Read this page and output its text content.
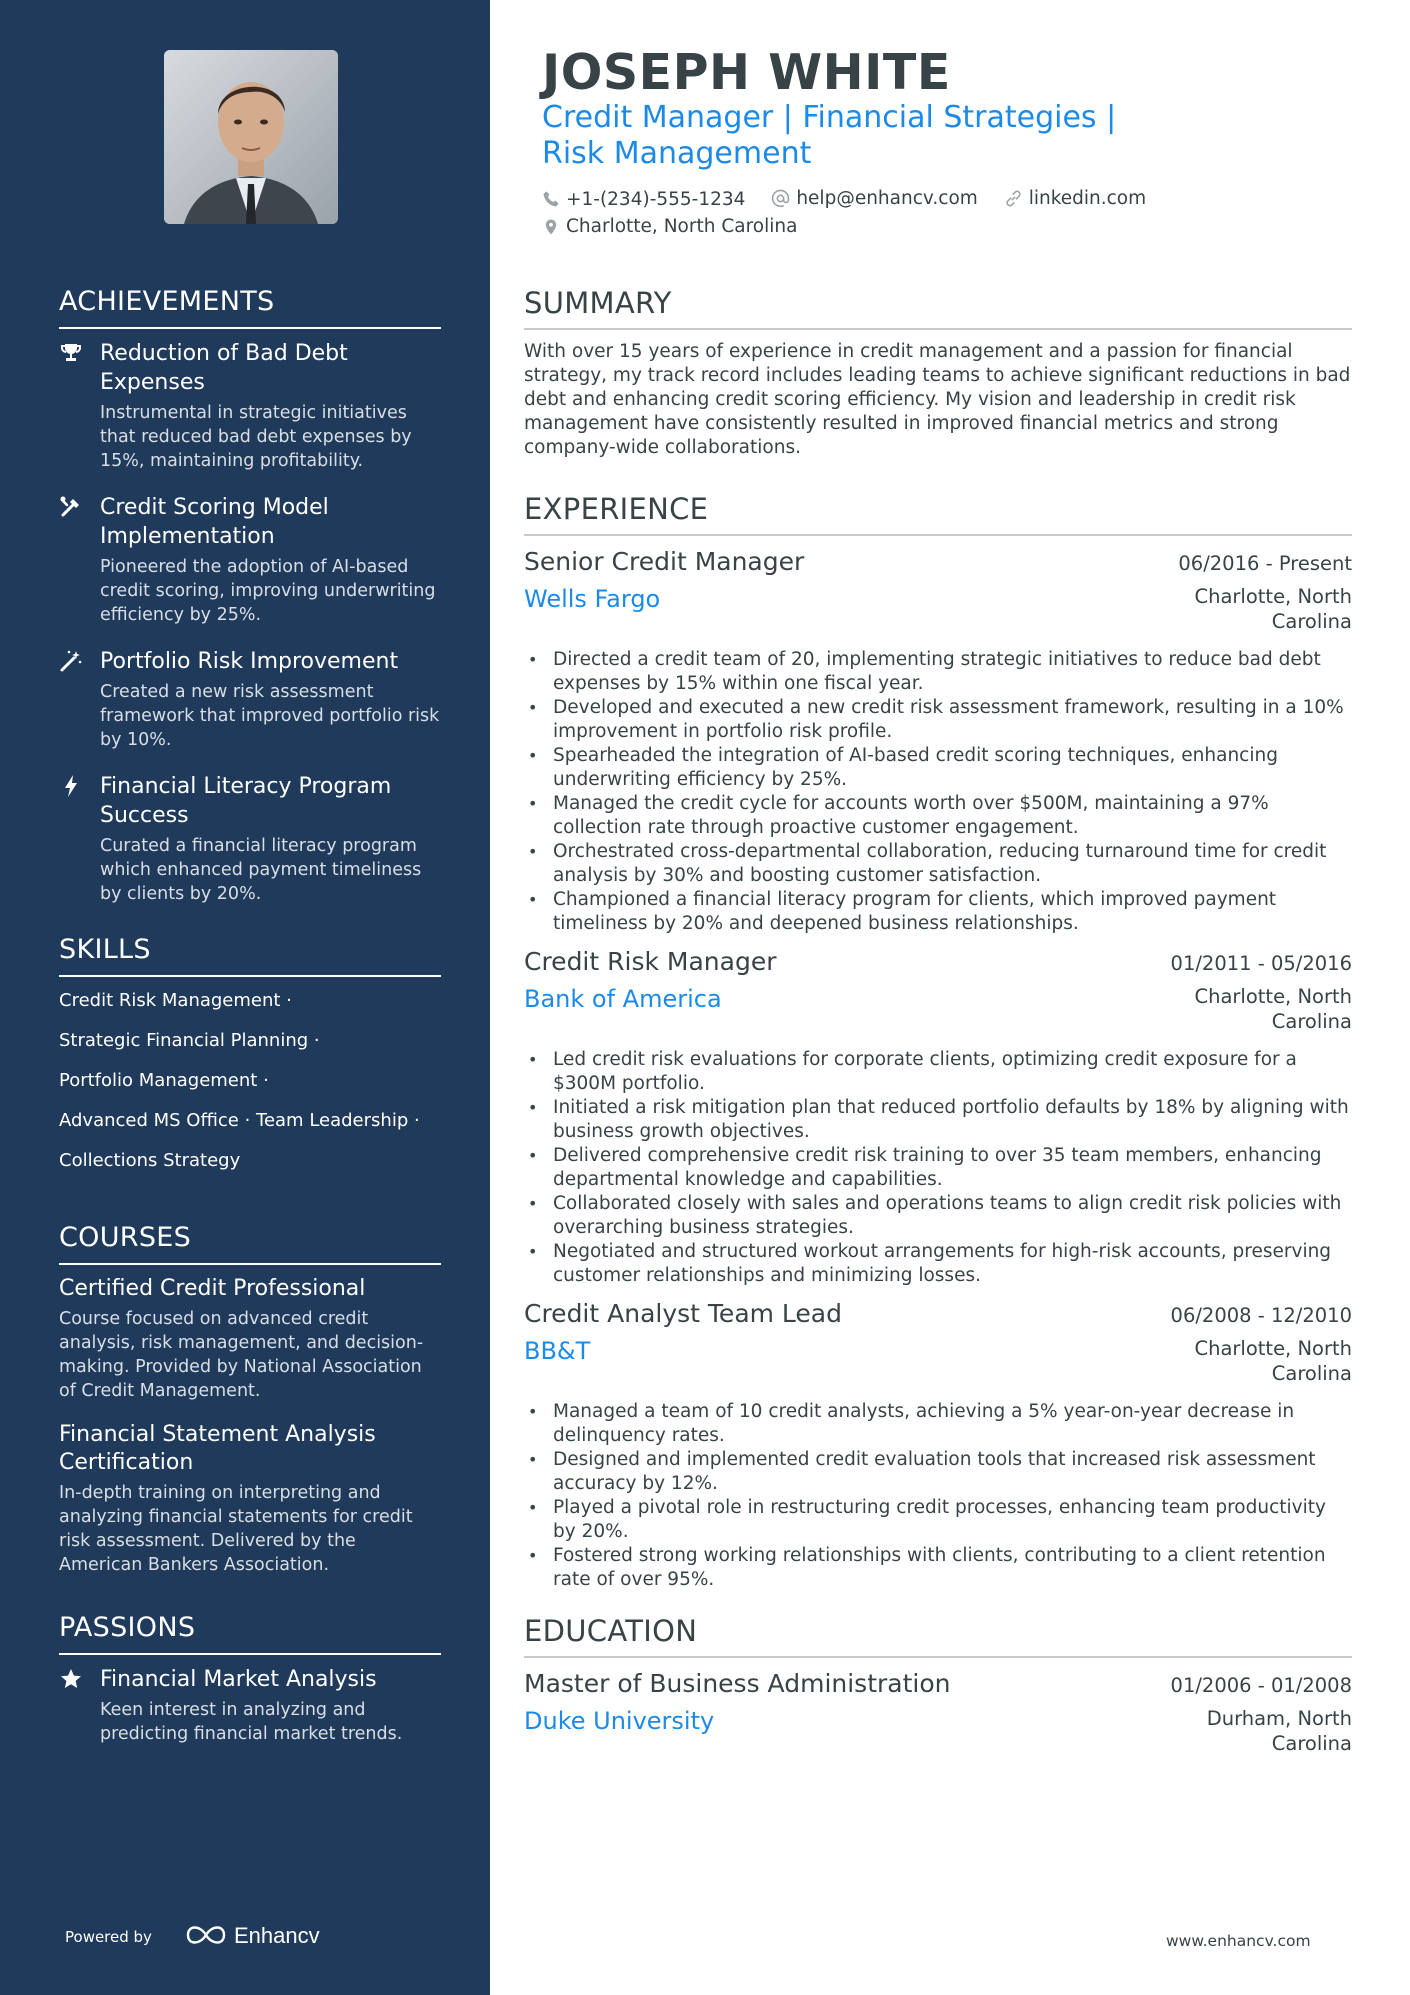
ACHIEVEMENTS
Reduction of Bad Debt Expenses
Instrumental in strategic initiatives that reduced bad debt expenses by 15%, maintaining profitability.
Credit Scoring Model Implementation
Pioneered the adoption of AI-based credit scoring, improving underwriting efficiency by 25%.
Portfolio Risk Improvement
Created a new risk assessment framework that improved portfolio risk by 10%.
Financial Literacy Program Success
Curated a financial literacy program which enhanced payment timeliness by clients by 20%.
SKILLS
Credit Risk Management ·
Strategic Financial Planning ·
Portfolio Management ·
Advanced MS Office · Team Leadership ·
Collections Strategy
COURSES
Certified Credit Professional
Course focused on advanced credit analysis, risk management, and decision-making. Provided by National Association of Credit Management.
Financial Statement Analysis Certification
In-depth training on interpreting and analyzing financial statements for credit risk assessment. Delivered by the American Bankers Association.
PASSIONS
Financial Market Analysis
Keen interest in analyzing and predicting financial market trends.
Powered by	Enhancv
JOSEPH WHITE
Credit Manager | Financial Strategies | Risk Management
+1-(234)-555-1234
	help@enhancv.com
	linkedin.com
Charlotte, North Carolina
SUMMARY
With over 15 years of experience in credit management and a passion for financial strategy, my track record includes leading teams to achieve significant reductions in bad debt and enhancing credit scoring efficiency. My vision and leadership in credit risk management have consistently resulted in improved financial metrics and strong company-wide collaborations.
EXPERIENCE
Senior Credit Manager	06/2016 - Present
Wells Fargo	Charlotte, North Carolina
• Directed a credit team of 20, implementing strategic initiatives to reduce bad debt expenses by 15% within one fiscal year.
• Developed and executed a new credit risk assessment framework, resulting in a 10% improvement in portfolio risk profile.
• Spearheaded the integration of AI-based credit scoring techniques, enhancing underwriting efficiency by 25%.
• Managed the credit cycle for accounts worth over $500M, maintaining a 97% collection rate through proactive customer engagement.
• Orchestrated cross-departmental collaboration, reducing turnaround time for credit analysis by 30% and boosting customer satisfaction.
• Championed a financial literacy program for clients, which improved payment timeliness by 20% and deepened business relationships.
Credit Risk Manager	01/2011 - 05/2016
Bank of America	Charlotte, North Carolina
• Led credit risk evaluations for corporate clients, optimizing credit exposure for a $300M portfolio.
• Initiated a risk mitigation plan that reduced portfolio defaults by 18% by aligning with business growth objectives.
• Delivered comprehensive credit risk training to over 35 team members, enhancing departmental knowledge and capabilities.
• Collaborated closely with sales and operations teams to align credit risk policies with overarching business strategies.
• Negotiated and structured workout arrangements for high-risk accounts, preserving customer relationships and minimizing losses.
Credit Analyst Team Lead	06/2008 - 12/2010
BB&T	Charlotte, North Carolina
• Managed a team of 10 credit analysts, achieving a 5% year-on-year decrease in delinquency rates.
• Designed and implemented credit evaluation tools that increased risk assessment accuracy by 12%.
• Played a pivotal role in restructuring credit processes, enhancing team productivity by 20%.
• Fostered strong working relationships with clients, contributing to a client retention rate of over 95%.
EDUCATION
Master of Business Administration	01/2006 - 01/2008
Duke University	Durham, North Carolina
www.enhancv.com
